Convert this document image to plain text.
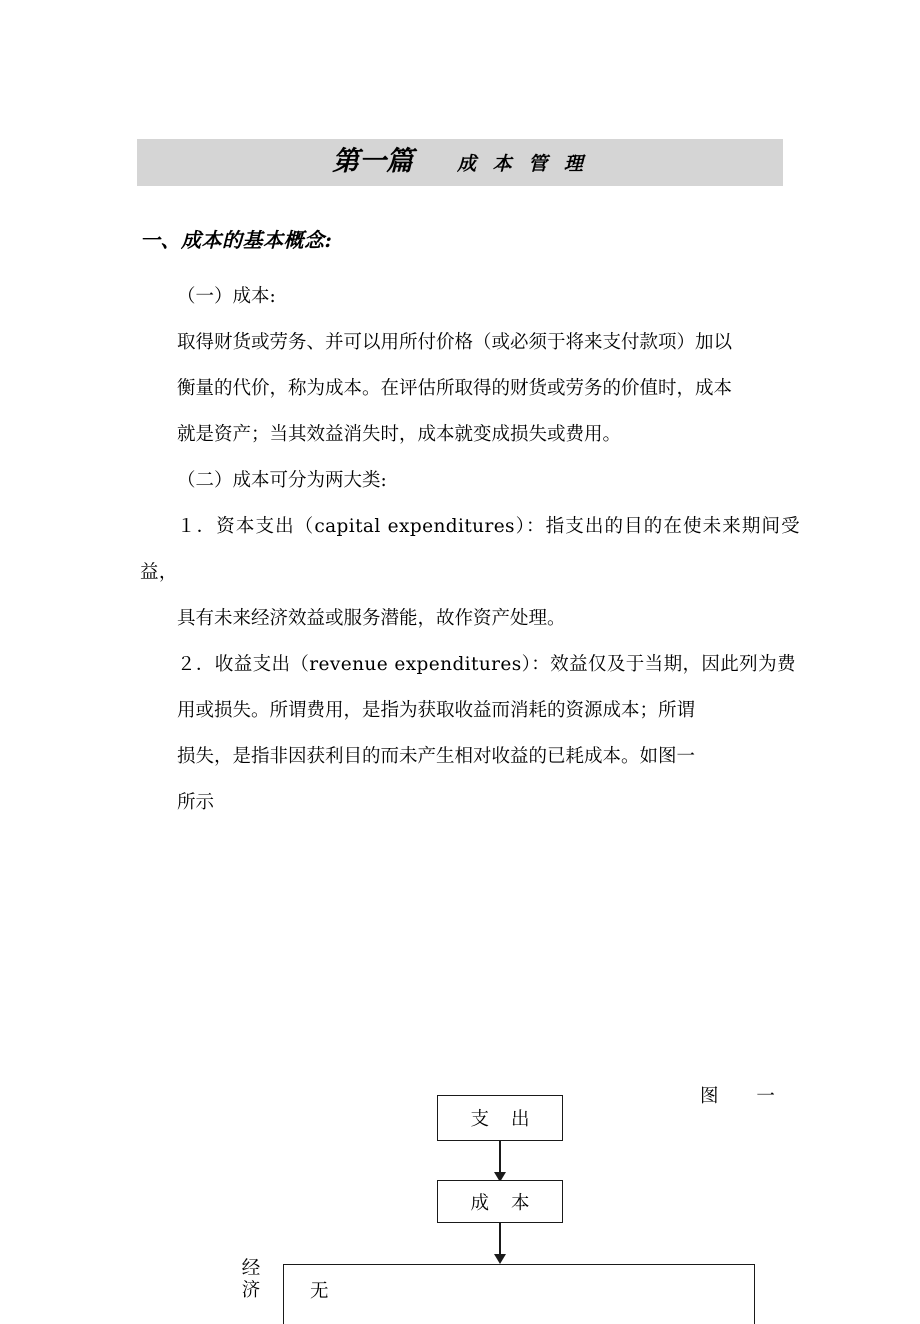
第一篇 成 本 管 理
一、成本的基本概念:

（一）成本:

取得财货或劳务、并可以用所付价格（或必须于将来支付款项）加以

衡量的代价，称为成本。在评估所取得的财货或劳务的价值时，成本

就是资产；当其效益消失时，成本就变成损失或费用。

（二）成本可分为两大类:

１．资本支出（capital expenditures）：指支出的目的在使未来期间受益，

具有未来经济效益或服务潜能，故作资产处理。

２．收益支出（revenue expenditures）：效益仅及于当期，因此列为费

用或损失。所谓费用，是指为获取收益而消耗的资源成本；所谓

损失，是指非因获利目的而未产生相对收益的已耗成本。如图一

所示

图 一
支出
成本
经济	无
